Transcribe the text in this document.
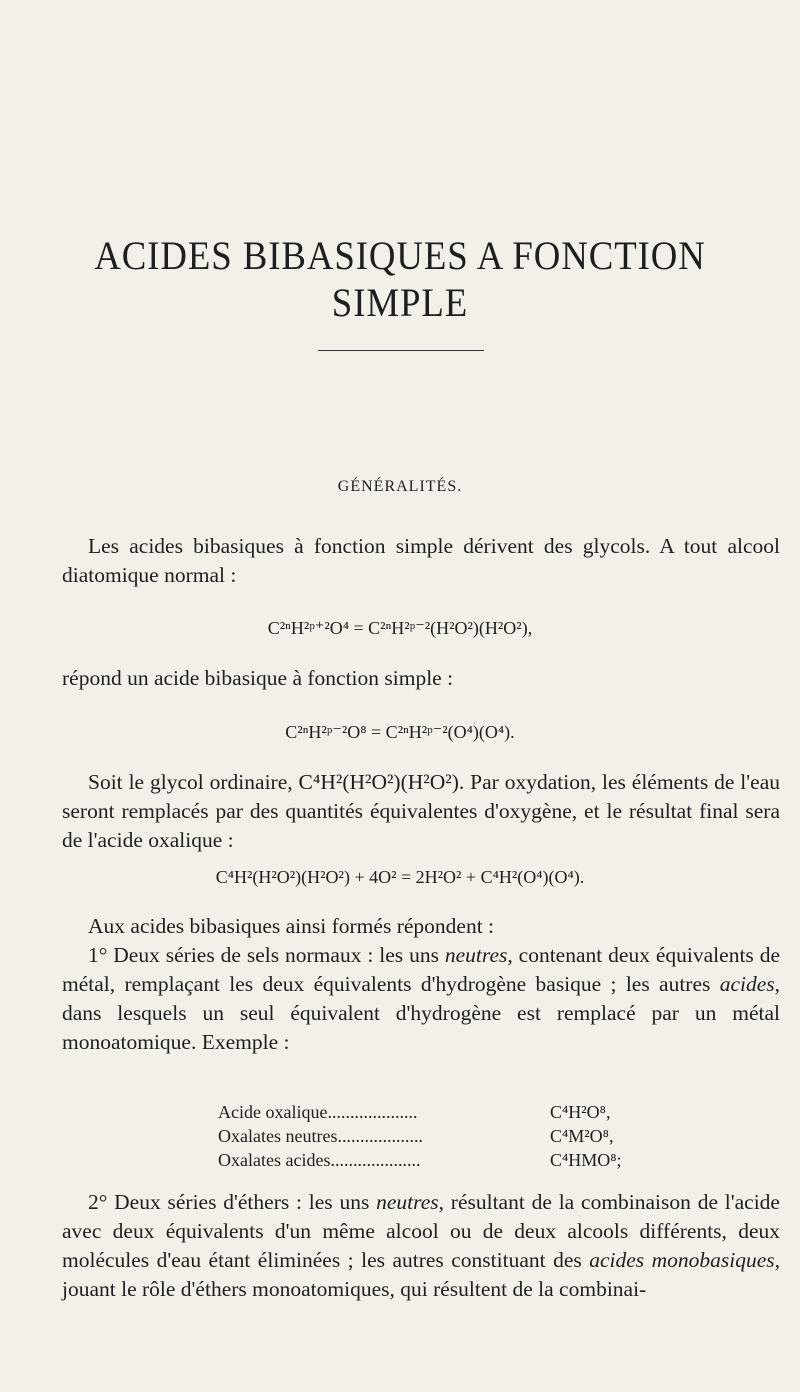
ACIDES BIBASIQUES A FONCTION SIMPLE
GÉNÉRALITÉS.
Les acides bibasiques à fonction simple dérivent des glycols. A tout alcool diatomique normal :
C²ⁿH²ᵖ⁺²O⁴ = C²ⁿH²ᵖ⁻²(H²O²)(H²O²),
répond un acide bibasique à fonction simple :
C²ⁿH²ᵖ⁻²O⁸ = C²ⁿH²ᵖ⁻²(O⁴)(O⁴).
Soit le glycol ordinaire, C⁴H²(H²O²)(H²O²). Par oxydation, les éléments de l'eau seront remplacés par des quantités équivalentes d'oxygène, et le résultat final sera de l'acide oxalique :
C⁴H²(H²O²)(H²O²) + 4O² = 2H²O² + C⁴H²(O⁴)(O⁴).
Aux acides bibasiques ainsi formés répondent :
1° Deux séries de sels normaux : les uns neutres, contenant deux équivalents de métal, remplaçant les deux équivalents d'hydrogène basique ; les autres acides, dans lesquels un seul équivalent d'hydrogène est remplacé par un métal monoatomique. Exemple :
Acide oxalique....................	C⁴H²O⁸,
Oxalates neutres...................	C⁴M²O⁸,
Oxalates acides....................	C⁴HMO⁸;
2° Deux séries d'éthers : les uns neutres, résultant de la combinaison de l'acide avec deux équivalents d'un même alcool ou de deux alcools différents, deux molécules d'eau étant éliminées ; les autres constituant des acides monobasiques, jouant le rôle d'éthers monoatomiques, qui résultent de la combinai-
